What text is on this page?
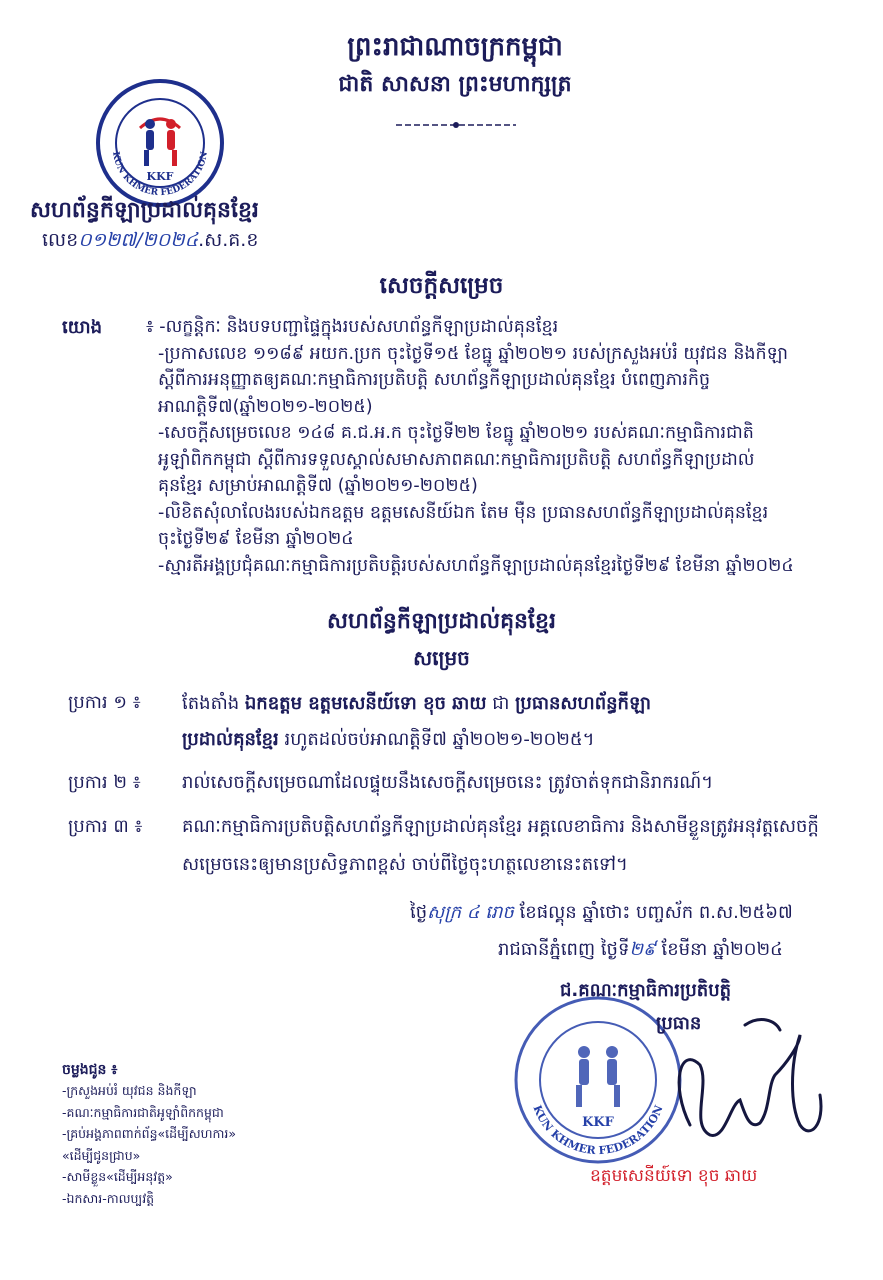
ព្រះរាជាណាចក្រកម្ពុជា
ជាតិ សាសនា ព្រះមហាក្សត្រ
KKF
KUN KHMER FEDERATION
សហព័ន្ធកីឡាប្រដាល់គុនខ្មែរ
លេខ០១២៧/២០២៤.ស.គ.ខ
សេចក្តីសម្រេច
យោង	៖ -លក្ខន្តិកៈ និងបទបញ្ជាផ្ទៃក្នុងរបស់សហព័ន្ធកីឡាប្រដាល់គុនខ្មែរ
-ប្រកាសលេខ ១១៨៩ អយក.ប្រក ចុះថ្ងៃទី១៥ ខែធ្នូ ឆ្នាំ២០២១ របស់ក្រសួងអប់រំ យុវជន និងកីឡា
ស្តីពីការអនុញ្ញាតឲ្យគណៈកម្មាធិការប្រតិបត្តិ សហព័ន្ធកីឡាប្រដាល់គុនខ្មែរ បំពេញភារកិច្ច
អាណត្តិទី៧(ឆ្នាំ២០២១-២០២៥)
-សេចក្តីសម្រេចលេខ ១៤៨ គ.ជ.អ.ក ចុះថ្ងៃទី២២ ខែធ្នូ ឆ្នាំ២០២១ របស់គណៈកម្មាធិការជាតិ
អូឡាំពិកកម្ពុជា ស្តីពីការទទួលស្គាល់សមាសភាពគណៈកម្មាធិការប្រតិបត្តិ សហព័ន្ធកីឡាប្រដាល់
គុនខ្មែរ សម្រាប់អាណត្តិទី៧ (ឆ្នាំ២០២១-២០២៥)
-លិខិតសុំលាលែងរបស់ឯកឧត្តម ឧត្តមសេនីយ៍ឯក តែម ម៉ឺន ប្រធានសហព័ន្ធកីឡាប្រដាល់គុនខ្មែរ
ចុះថ្ងៃទី២៩ ខែមីនា ឆ្នាំ២០២៤
-ស្មារតីអង្គប្រជុំគណៈកម្មាធិការប្រតិបត្តិរបស់សហព័ន្ធកីឡាប្រដាល់គុនខ្មែរថ្ងៃទី២៩ ខែមីនា ឆ្នាំ២០២៤
សហព័ន្ធកីឡាប្រដាល់គុនខ្មែរ
សម្រេច
ប្រការ ១ ៖ តែងតាំង ឯកឧត្តម ឧត្តមសេនីយ៍ទោ ខុច ឆាយ ជា ប្រធានសហព័ន្ធកីឡា
ប្រដាល់គុនខ្មែរ រហូតដល់ចប់អាណត្តិទី៧ ឆ្នាំ២០២១-២០២៥។
ប្រការ ២ ៖ រាល់សេចក្តីសម្រេចណាដែលផ្ទុយនឹងសេចក្តីសម្រេចនេះ ត្រូវចាត់ទុកជានិរាករណ៍។
ប្រការ ៣ ៖ គណៈកម្មាធិការប្រតិបត្តិសហព័ន្ធកីឡាប្រដាល់គុនខ្មែរ អគ្គលេខាធិការ និងសាមីខ្លួនត្រូវអនុវត្តសេចក្តី
សម្រេចនេះឲ្យមានប្រសិទ្ធភាពខ្ពស់ ចាប់ពីថ្ងៃចុះហត្ថលេខានេះតទៅ។
ថ្ងៃសុក្រ ៤ រោច ខែផល្គុន ឆ្នាំថោះ បញ្ចស័ក ព.ស.២៥៦៧
រាជធានីភ្នំពេញ ថ្ងៃទី២៩ ខែមីនា ឆ្នាំ២០២៤
KKF
KUN KHMER FEDERATION
ជ.គណៈកម្មាធិការប្រតិបត្តិ
ប្រធាន
ឧត្តមសេនីយ៍ទោ ខុច ឆាយ
ចម្លងជូន ៖
-ក្រសួងអប់រំ យុវជន និងកីឡា
-គណៈកម្មាធិការជាតិអូឡាំពិកកម្ពុជា
-គ្រប់អង្គភាពពាក់ព័ន្ធ«ដើម្បីសហការ»
«ដើម្បីជូនជ្រាប»
-សាមីខ្លួន«ដើម្បីអនុវត្ត»
-ឯកសារ-កាលប្បវត្តិ
